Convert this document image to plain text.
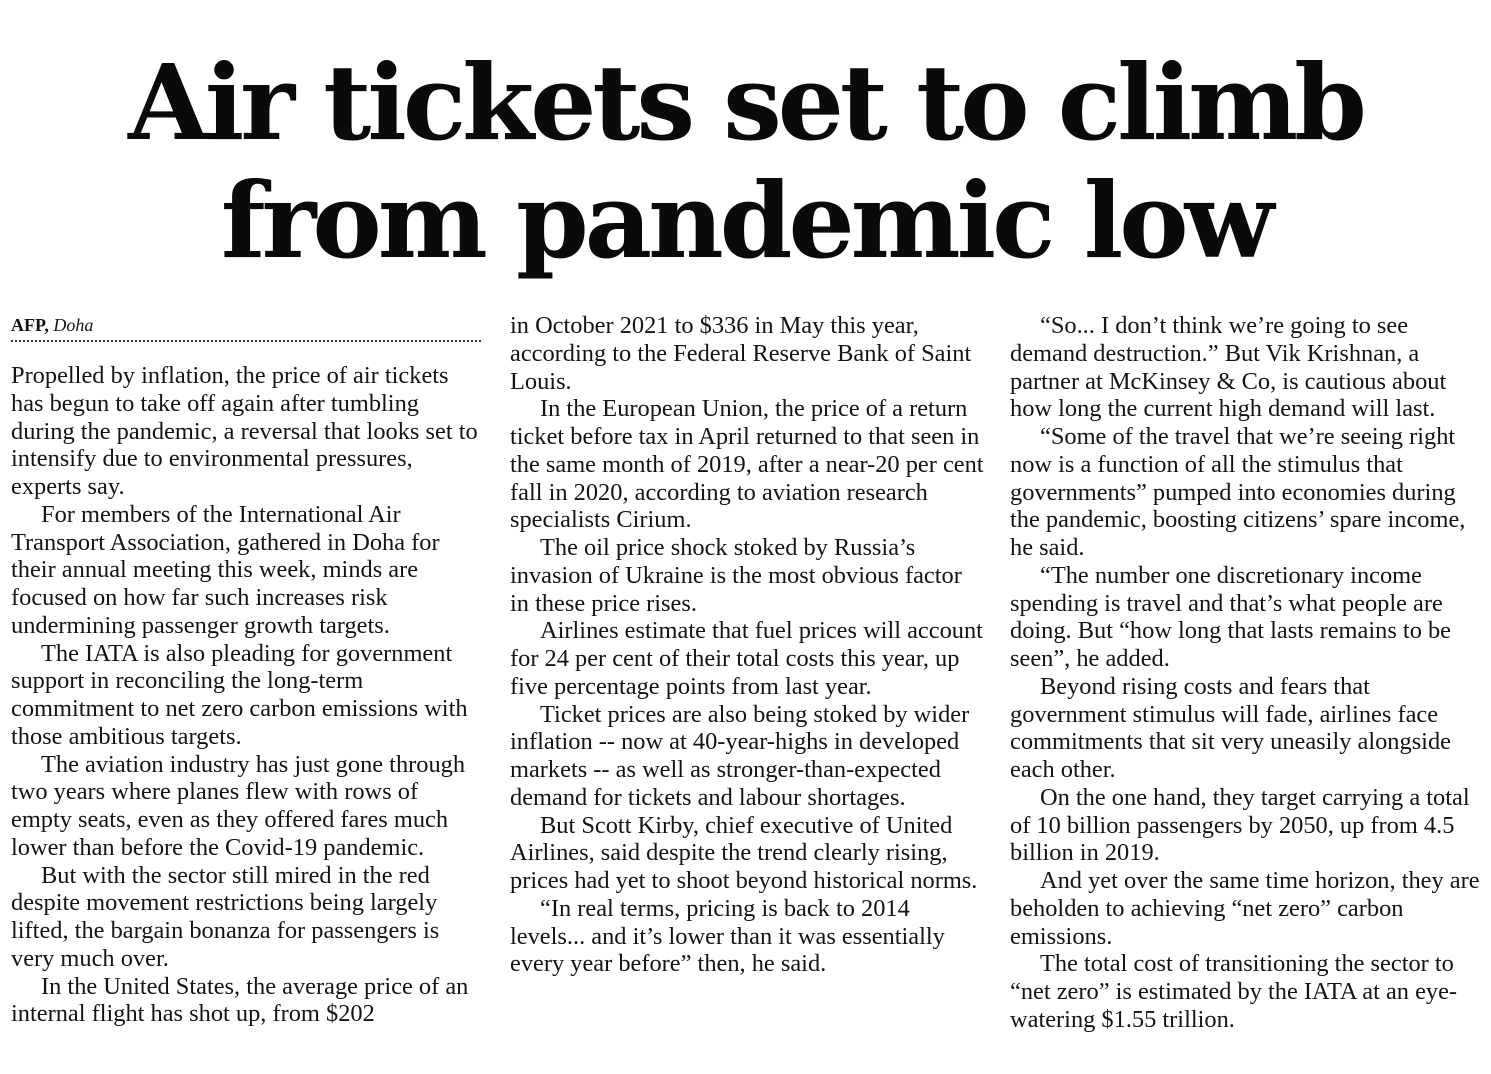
Air tickets set to climb
from pandemic low
AFP, Doha

Propelled by inflation, the price of air tickets has begun to take off again after tumbling during the pandemic, a reversal that looks set to intensify due to environmental pressures, experts say.

For members of the International Air Transport Association, gathered in Doha for their annual meeting this week, minds are focused on how far such increases risk undermining passenger growth targets.

The IATA is also pleading for government support in reconciling the long-term commitment to net zero carbon emissions with those ambitious targets.

The aviation industry has just gone through two years where planes flew with rows of empty seats, even as they offered fares much lower than before the Covid-19 pandemic.

But with the sector still mired in the red despite movement restrictions being largely lifted, the bargain bonanza for passengers is very much over.

In the United States, the average price of an internal flight has shot up, from $202

in October 2021 to $336 in May this year, according to the Federal Reserve Bank of Saint Louis.

In the European Union, the price of a return ticket before tax in April returned to that seen in the same month of 2019, after a near-20 per cent fall in 2020, according to aviation research specialists Cirium.

The oil price shock stoked by Russia’s invasion of Ukraine is the most obvious factor in these price rises.

Airlines estimate that fuel prices will account for 24 per cent of their total costs this year, up five percentage points from last year.

Ticket prices are also being stoked by wider inflation -- now at 40-year-highs in developed markets -- as well as stronger-than-expected demand for tickets and labour shortages.

But Scott Kirby, chief executive of United Airlines, said despite the trend clearly rising, prices had yet to shoot beyond historical norms.

“In real terms, pricing is back to 2014 levels... and it’s lower than it was essentially every year before” then, he said.

“So... I don’t think we’re going to see demand destruction.” But Vik Krishnan, a partner at McKinsey & Co, is cautious about how long the current high demand will last.

“Some of the travel that we’re seeing right now is a function of all the stimulus that governments” pumped into economies during the pandemic, boosting citizens’ spare income, he said.

“The number one discretionary income spending is travel and that’s what people are doing. But “how long that lasts remains to be seen”, he added.

Beyond rising costs and fears that government stimulus will fade, airlines face commitments that sit very uneasily alongside each other.

On the one hand, they target carrying a total of 10 billion passengers by 2050, up from 4.5 billion in 2019.

And yet over the same time horizon, they are beholden to achieving “net zero” carbon emissions.

The total cost of transitioning the sector to “net zero” is estimated by the IATA at an eye-watering $1.55 trillion.
